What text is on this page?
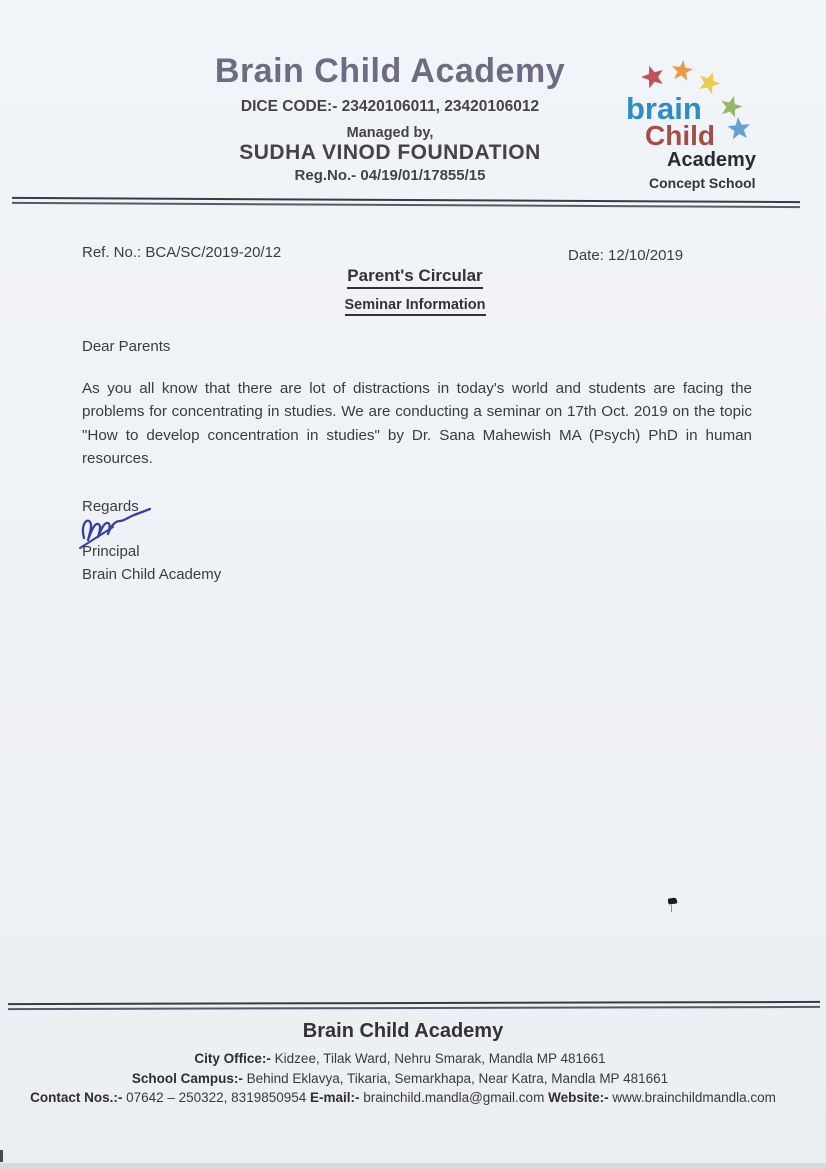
Brain Child Academy
DICE CODE:- 23420106011, 23420106012
Managed by,
SUDHA VINOD FOUNDATION
Reg.No.- 04/19/01/17855/15
brain
Child
Academy
Concept School
Ref. No.: BCA/SC/2019-20/12	Date: 12/10/2019
Parent's Circular
Seminar Information
Dear Parents
As you all know that there are lot of distractions in today's world and students are facing the
problems for concentrating in studies. We are conducting a seminar on 17th Oct. 2019 on the topic
"How to develop concentration in studies" by Dr. Sana Mahewish MA (Psych) PhD in human
resources.
Regards
Principal
Brain Child Academy
Brain Child Academy
City Office:- Kidzee, Tilak Ward, Nehru Smarak, Mandla MP 481661
School Campus:- Behind Eklavya, Tikaria, Semarkhapa, Near Katra, Mandla MP 481661
Contact Nos.:- 07642 – 250322, 8319850954 E-mail:- brainchild.mandla@gmail.com Website:- www.brainchildmandla.com
